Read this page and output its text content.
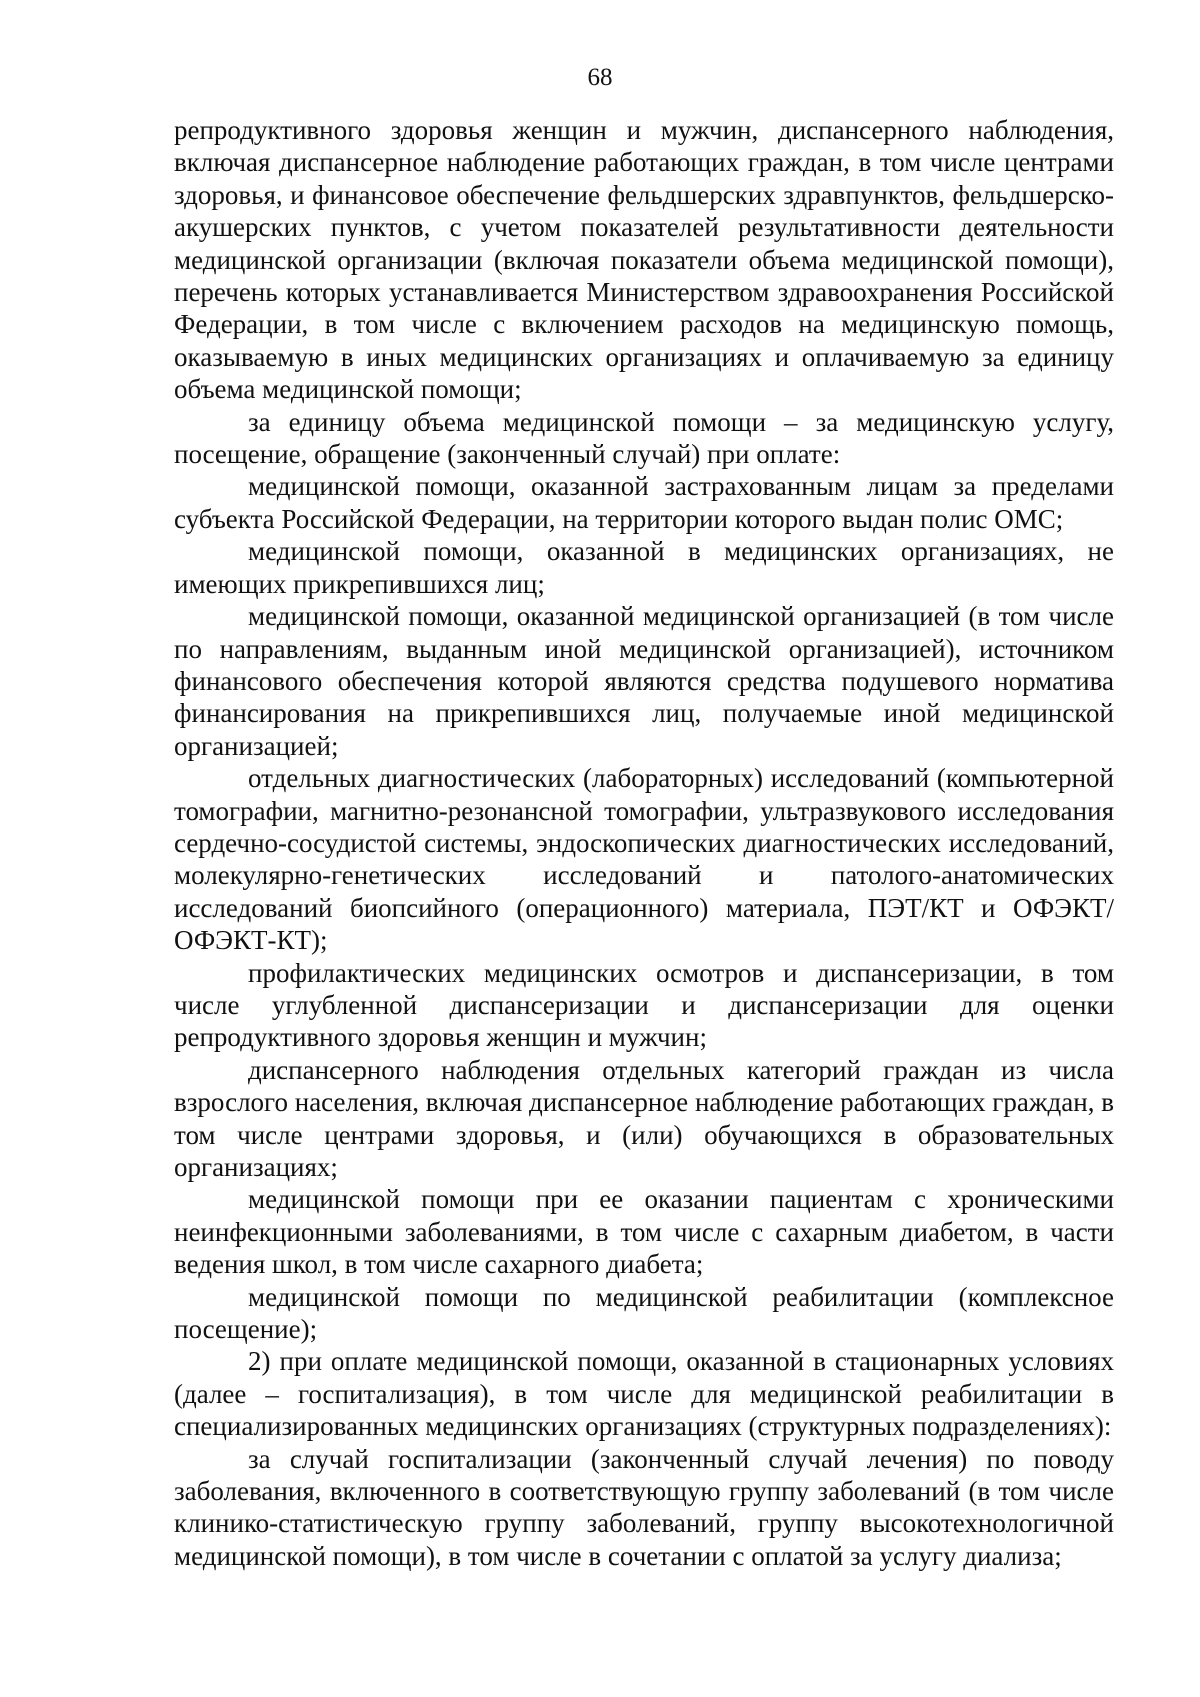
68

репродуктивного здоровья женщин и мужчин, диспансерного наблюдения, включая диспансерное наблюдение работающих граждан, в том числе центрами здоровья, и финансовое обеспечение фельдшерских здравпунктов, фельдшерско-акушерских пунктов, с учетом показателей результативности деятельности медицинской организации (включая показатели объема медицинской помощи), перечень которых устанавливается Министерством здравоохранения Российской Федерации, в том числе с включением расходов на медицинскую помощь, оказываемую в иных медицинских организациях и оплачиваемую за единицу объема медицинской помощи;

за единицу объема медицинской помощи – за медицинскую услугу, посещение, обращение (законченный случай) при оплате:

медицинской помощи, оказанной застрахованным лицам за пределами субъекта Российской Федерации, на территории которого выдан полис ОМС;

медицинской помощи, оказанной в медицинских организациях, не имеющих прикрепившихся лиц;

медицинской помощи, оказанной медицинской организацией (в том числе по направлениям, выданным иной медицинской организацией), источником финансового обеспечения которой являются средства подушевого норматива финансирования на прикрепившихся лиц, получаемые иной медицинской организацией;

отдельных диагностических (лабораторных) исследований (компьютерной томографии, магнитно-резонансной томографии, ультразвукового исследования сердечно-сосудистой системы, эндоскопических диагностических исследований, молекулярно-генетических исследований и патолого-анатомических исследований биопсийного (операционного) материала, ПЭТ/КТ и ОФЭКТ/ОФЭКТ-КТ);

профилактических медицинских осмотров и диспансеризации, в том числе углубленной диспансеризации и диспансеризации для оценки репродуктивного здоровья женщин и мужчин;

диспансерного наблюдения отдельных категорий граждан из числа взрослого населения, включая диспансерное наблюдение работающих граждан, в том числе центрами здоровья, и (или) обучающихся в образовательных организациях;

медицинской помощи при ее оказании пациентам с хроническими неинфекционными заболеваниями, в том числе с сахарным диабетом, в части ведения школ, в том числе сахарного диабета;

медицинской помощи по медицинской реабилитации (комплексное посещение);

2) при оплате медицинской помощи, оказанной в стационарных условиях (далее – госпитализация), в том числе для медицинской реабилитации в специализированных медицинских организациях (структурных подразделениях):

за случай госпитализации (законченный случай лечения) по поводу заболевания, включенного в соответствующую группу заболеваний (в том числе клинико-статистическую группу заболеваний, группу высокотехнологичной медицинской помощи), в том числе в сочетании с оплатой за услугу диализа;
